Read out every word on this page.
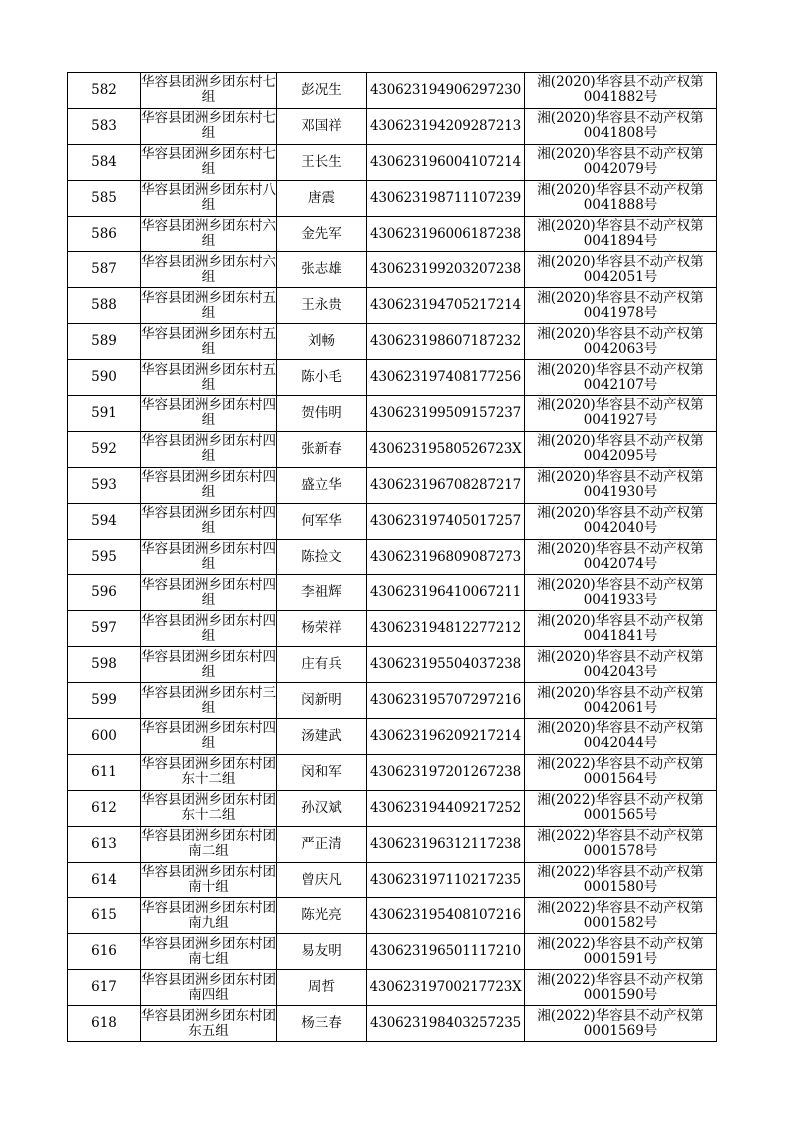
582	华容县团洲乡团东村七组	彭况生	430623194906297230	湘(2020)华容县不动产权第
0041882号

583	华容县团洲乡团东村七组	邓国祥	430623194209287213	湘(2020)华容县不动产权第
0041808号

584	华容县团洲乡团东村七组	王长生	430623196004107214	湘(2020)华容县不动产权第
0042079号

585	华容县团洲乡团东村八组	唐震	430623198711107239	湘(2020)华容县不动产权第
0041888号

586	华容县团洲乡团东村六组	金先军	430623196006187238	湘(2020)华容县不动产权第
0041894号

587	华容县团洲乡团东村六组	张志雄	430623199203207238	湘(2020)华容县不动产权第
0042051号

588	华容县团洲乡团东村五组	王永贵	430623194705217214	湘(2020)华容县不动产权第
0041978号

589	华容县团洲乡团东村五组	刘畅	430623198607187232	湘(2020)华容县不动产权第
0042063号

590	华容县团洲乡团东村五组	陈小毛	430623197408177256	湘(2020)华容县不动产权第
0042107号

591	华容县团洲乡团东村四组	贺伟明	430623199509157237	湘(2020)华容县不动产权第
0041927号

592	华容县团洲乡团东村四组	张新春	43062319580526723X	湘(2020)华容县不动产权第
0042095号

593	华容县团洲乡团东村四组	盛立华	430623196708287217	湘(2020)华容县不动产权第
0041930号

594	华容县团洲乡团东村四组	何军华	430623197405017257	湘(2020)华容县不动产权第
0042040号

595	华容县团洲乡团东村四组	陈捡文	430623196809087273	湘(2020)华容县不动产权第
0042074号

596	华容县团洲乡团东村四组	李祖辉	430623196410067211	湘(2020)华容县不动产权第
0041933号

597	华容县团洲乡团东村四组	杨荣祥	430623194812277212	湘(2020)华容县不动产权第
0041841号

598	华容县团洲乡团东村四组	庄有兵	430623195504037238	湘(2020)华容县不动产权第
0042043号

599	华容县团洲乡团东村三组	闵新明	430623195707297216	湘(2020)华容县不动产权第
0042061号

600	华容县团洲乡团东村四组	汤建武	430623196209217214	湘(2020)华容县不动产权第
0042044号

611	华容县团洲乡团东村团东十二组	闵和军	430623197201267238	湘(2022)华容县不动产权第
0001564号

612	华容县团洲乡团东村团东十二组	孙汉斌	430623194409217252	湘(2022)华容县不动产权第
0001565号

613	华容县团洲乡团东村团南二组	严正清	430623196312117238	湘(2022)华容县不动产权第
0001578号

614	华容县团洲乡团东村团南十组	曾庆凡	430623197110217235	湘(2022)华容县不动产权第
0001580号

615	华容县团洲乡团东村团南九组	陈光亮	430623195408107216	湘(2022)华容县不动产权第
0001582号

616	华容县团洲乡团东村团南七组	易友明	430623196501117210	湘(2022)华容县不动产权第
0001591号

617	华容县团洲乡团东村团南四组	周哲	43062319700217723X	湘(2022)华容县不动产权第
0001590号

618	华容县团洲乡团东村团东五组	杨三春	430623198403257235	湘(2022)华容县不动产权第
0001569号
